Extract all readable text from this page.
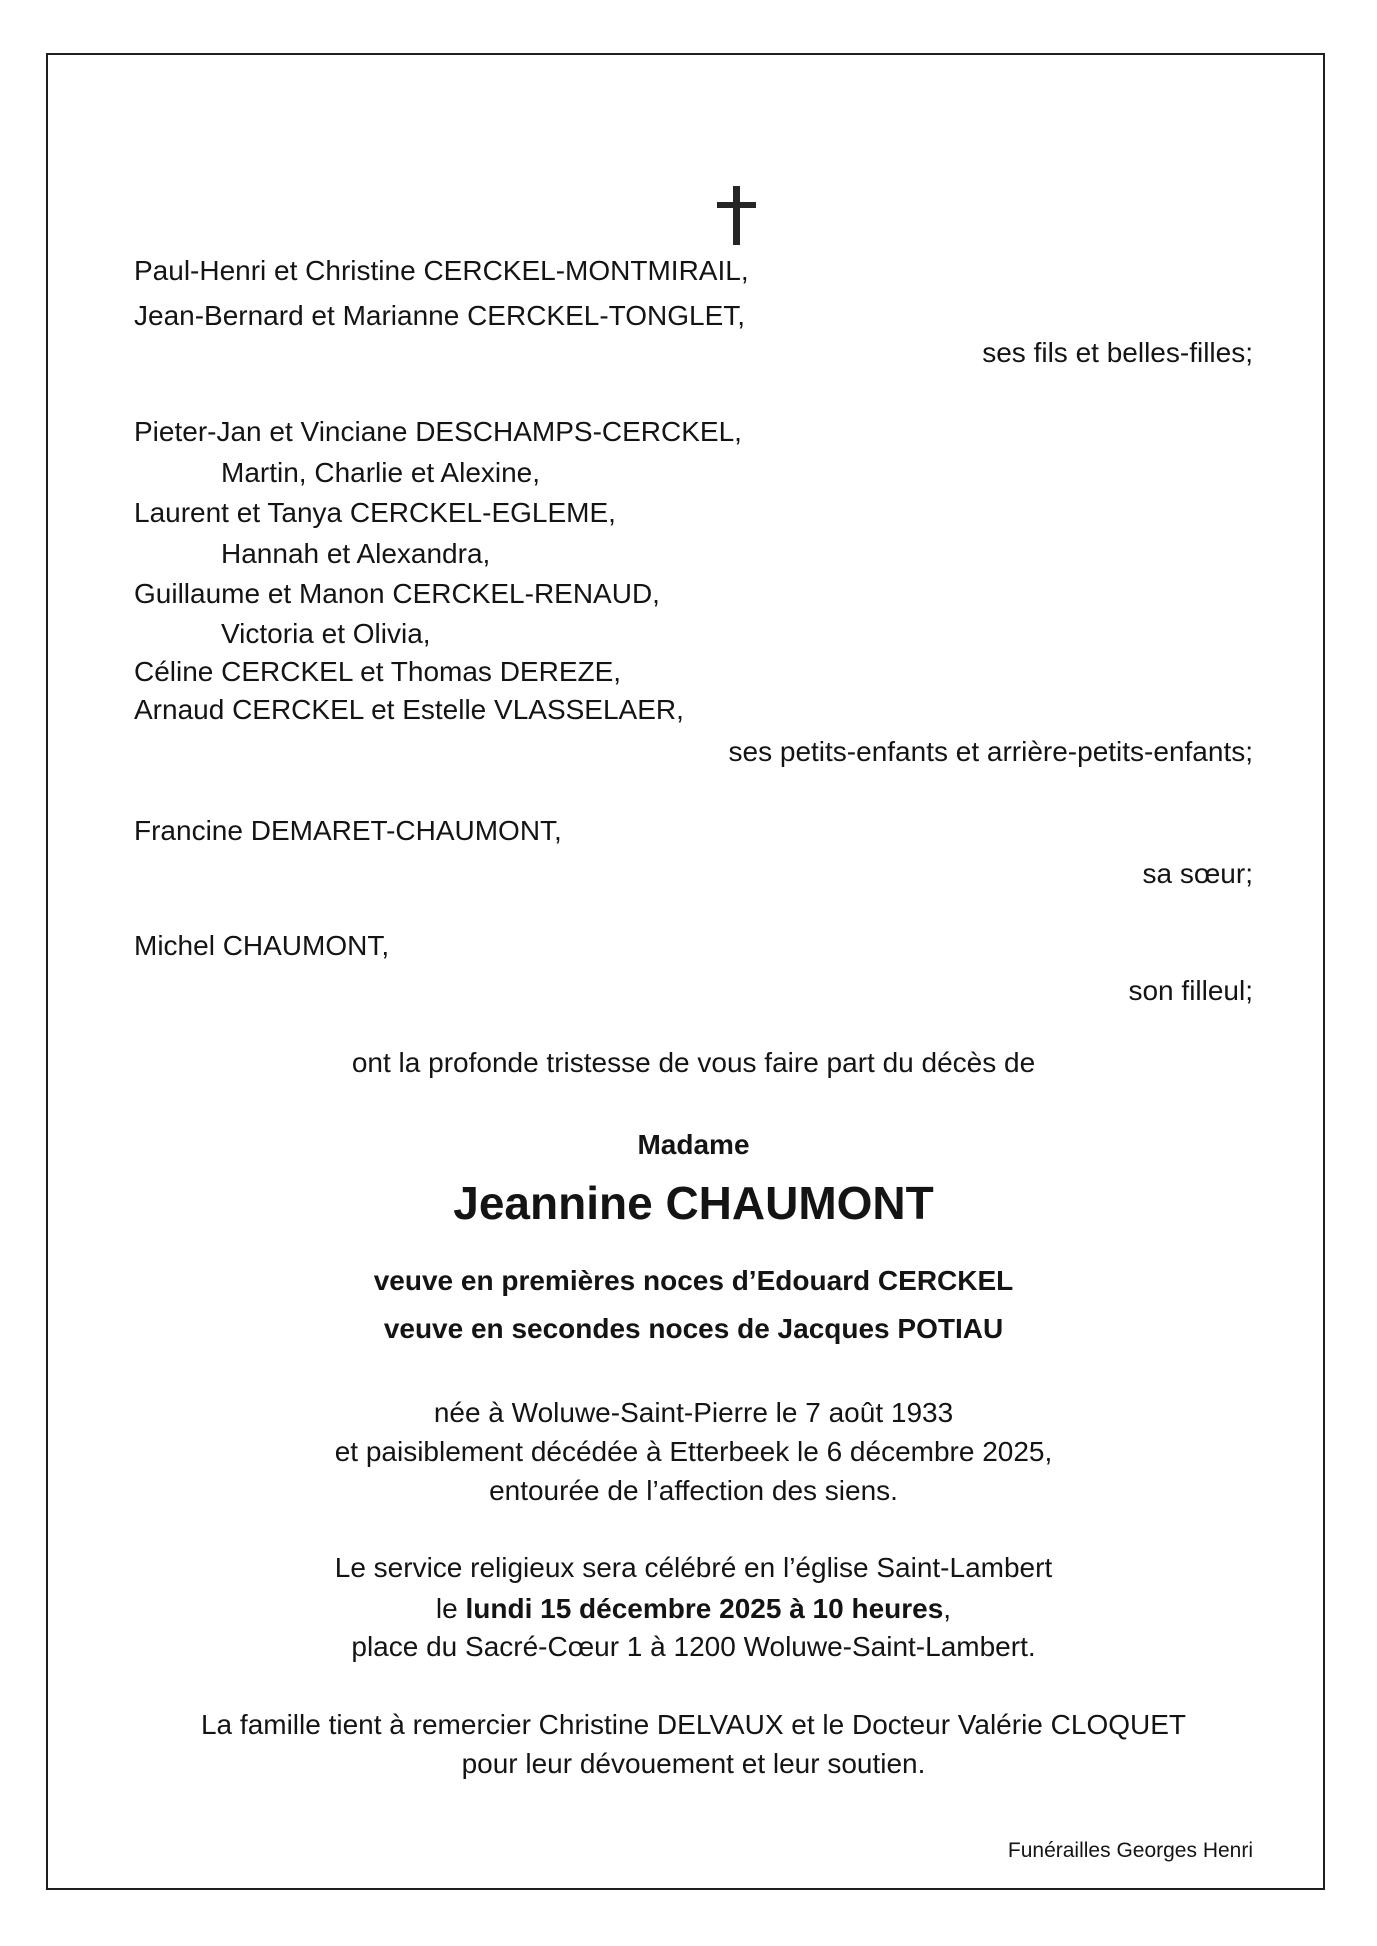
Paul-Henri et Christine CERCKEL-MONTMIRAIL,
Jean-Bernard et Marianne CERCKEL-TONGLET,
ses fils et belles-filles;
Pieter-Jan et Vinciane DESCHAMPS-CERCKEL,
Martin, Charlie et Alexine,
Laurent et Tanya CERCKEL-EGLEME,
Hannah et Alexandra,
Guillaume et Manon CERCKEL-RENAUD,
Victoria et Olivia,
Céline CERCKEL et Thomas DEREZE,
Arnaud CERCKEL et Estelle VLASSELAER,
ses petits-enfants et arrière-petits-enfants;
Francine DEMARET-CHAUMONT,
sa sœur;
Michel CHAUMONT,
son filleul;
ont la profonde tristesse de vous faire part du décès de
Madame
Jeannine CHAUMONT
veuve en premières noces d’Edouard CERCKEL
veuve en secondes noces de Jacques POTIAU
née à Woluwe-Saint-Pierre le 7 août 1933
et paisiblement décédée à Etterbeek le 6 décembre 2025,
entourée de l’affection des siens.
Le service religieux sera célébré en l’église Saint-Lambert
le lundi 15 décembre 2025 à 10 heures,
place du Sacré-Cœur 1 à 1200 Woluwe-Saint-Lambert.
La famille tient à remercier Christine DELVAUX et le Docteur Valérie CLOQUET
pour leur dévouement et leur soutien.
Funérailles Georges Henri
